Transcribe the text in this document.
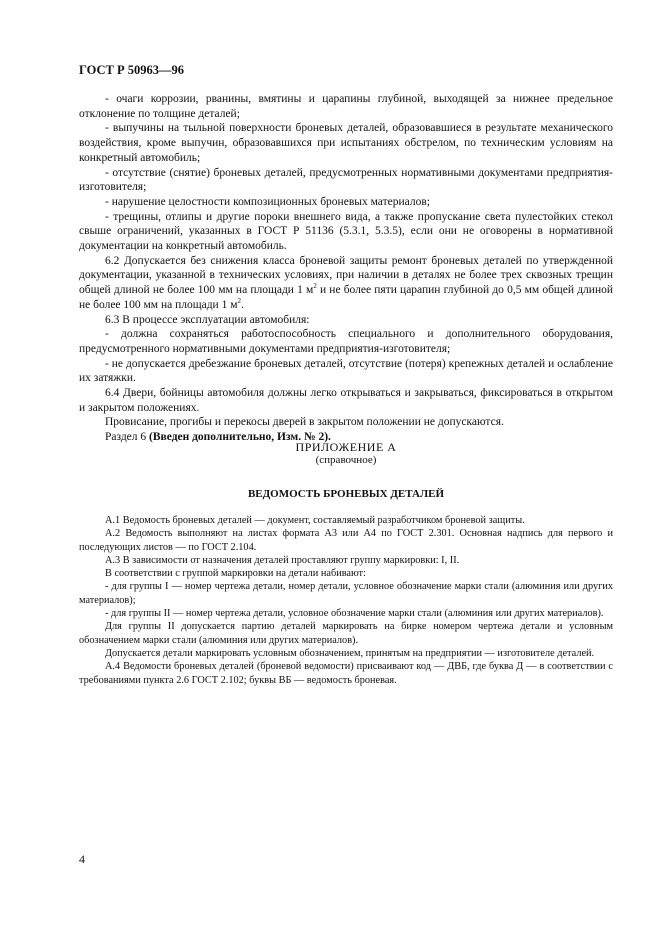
ГОСТ Р 50963—96

- очаги коррозии, рванины, вмятины и царапины глубиной, выходящей за нижнее предельное отклонение по толщине деталей;

- выпучины на тыльной поверхности броневых деталей, образовавшиеся в результате механического воздействия, кроме выпучин, образовавшихся при испытаниях обстрелом, по техническим условиям на конкретный автомобиль;

- отсутствие (снятие) броневых деталей, предусмотренных нормативными документами предприятия-изготовителя;

- нарушение целостности композиционных броневых материалов;

- трещины, отлипы и другие пороки внешнего вида, а также пропускание света пулестойких стекол свыше ограничений, указанных в ГОСТ Р 51136 (5.3.1, 5.3.5), если они не оговорены в нормативной документации на конкретный автомобиль.

6.2 Допускается без снижения класса броневой защиты ремонт броневых деталей по утвержденной документации, указанной в технических условиях, при наличии в деталях не более трех сквозных трещин общей длиной не более 100 мм на площади 1 $м^2$ и не более пяти царапин глубиной до 0,5 мм общей длиной не более 100 мм на площади 1 $м^2$.

6.3 В процессе эксплуатации автомобиля:

- должна сохраняться работоспособность специального и дополнительного оборудования, предусмотренного нормативными документами предприятия-изготовителя;

- не допускается дребезжание броневых деталей, отсутствие (потеря) крепежных деталей и ослабление их затяжки.

6.4 Двери, бойницы автомобиля должны легко открываться и закрываться, фиксироваться в открытом и закрытом положениях.

Провисание, прогибы и перекосы дверей в закрытом положении не допускаются.

Раздел 6 (Введен дополнительно, Изм. № 2).

ПРИЛОЖЕНИЕ А
(справочное)
ВЕДОМОСТЬ БРОНЕВЫХ ДЕТАЛЕЙ

А.1 Ведомость броневых деталей — документ, составляемый разработчиком броневой защиты.

А.2 Ведомость выполняют на листах формата А3 или А4 по ГОСТ 2.301. Основная надпись для первого и последующих листов — по ГОСТ 2.104.

А.3 В зависимости от назначения деталей проставляют группу маркировки: I, II.

В соответствии с группой маркировки на детали набивают:

- для группы I — номер чертежа детали, номер детали, условное обозначение марки стали (алюминия или других материалов);

- для группы II — номер чертежа детали, условное обозначение марки стали (алюминия или других материалов).

Для группы II допускается партию деталей маркировать на бирке номером чертежа детали и условным обозначением марки стали (алюминия или других материалов).

Допускается детали маркировать условным обозначением, принятым на предприятии — изготовителе деталей.

А.4 Ведомости броневых деталей (броневой ведомости) присваивают код — ДВБ, где буква Д — в соответствии с требованиями пункта 2.6 ГОСТ 2.102; буквы ВБ — ведомость броневая.

4
